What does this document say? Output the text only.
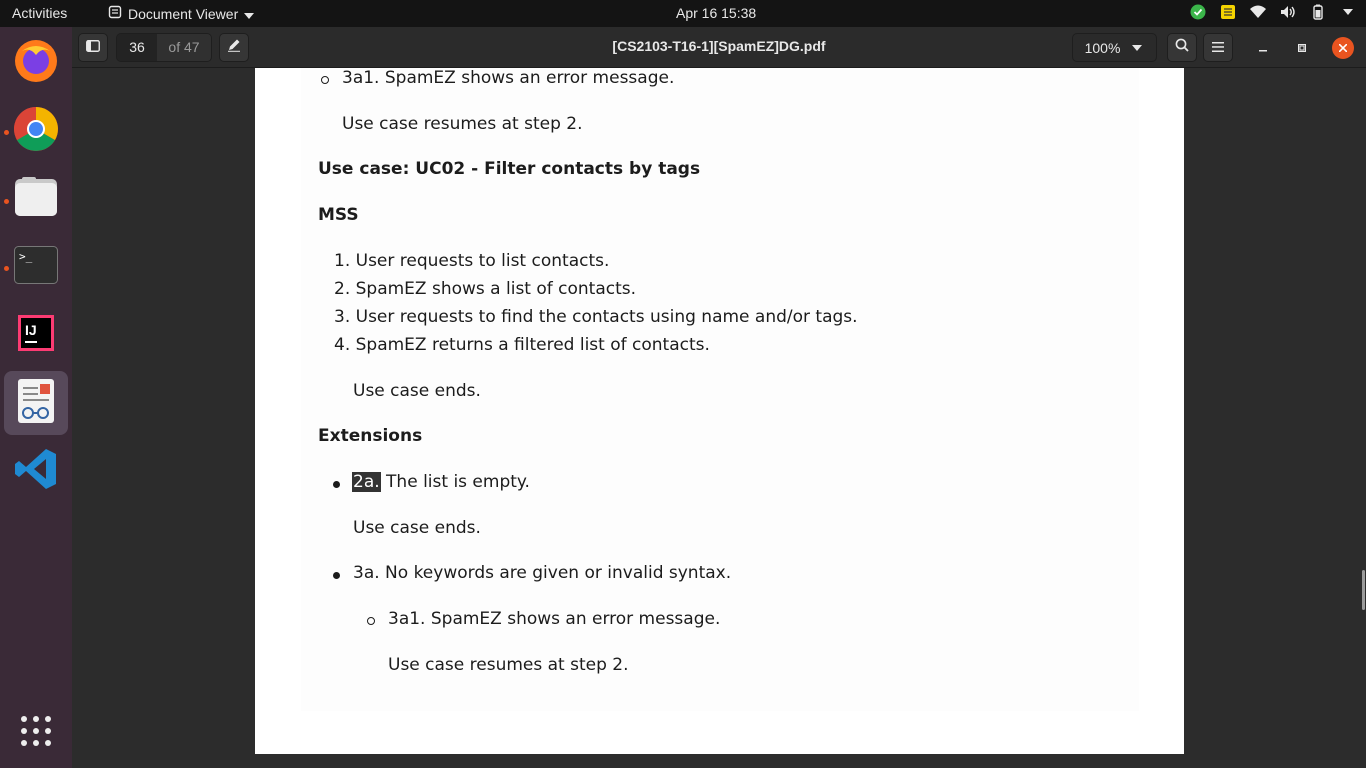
Activities	Document Viewer	Apr 16 15:38
>_
IJ
36	of 47	[CS2103-T16-1][SpamEZ]DG.pdf	100%
3a1. SpamEZ shows an error message.
Use case resumes at step 2.
Use case: UC02 - Filter contacts by tags
MSS
1. User requests to list contacts.
2. SpamEZ shows a list of contacts.
3. User requests to find the contacts using name and/or tags.
4. SpamEZ returns a filtered list of contacts.
Use case ends.
Extensions
2a. The list is empty.
Use case ends.
3a. No keywords are given or invalid syntax.
3a1. SpamEZ shows an error message.
Use case resumes at step 2.
